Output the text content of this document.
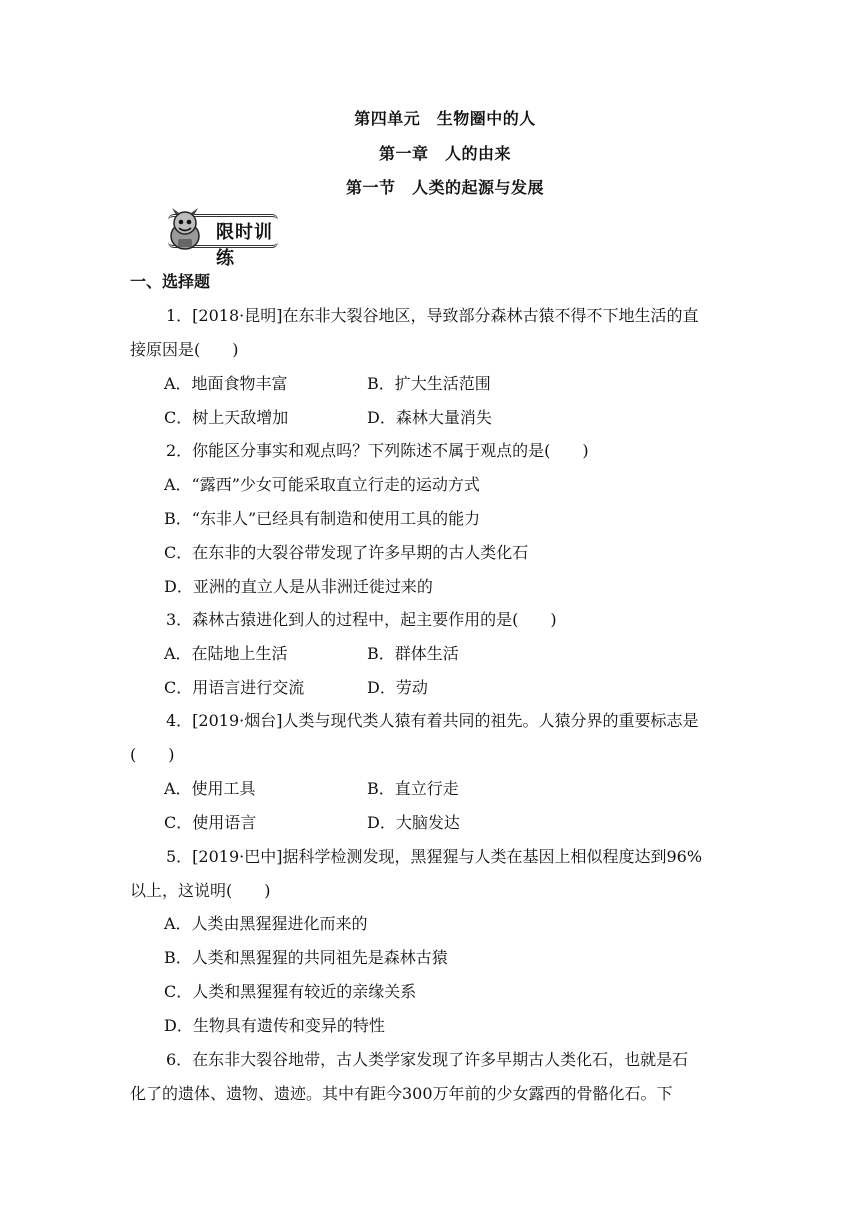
第四单元　生物圈中的人
第一章　人的由来
第一节　人类的起源与发展
限时训练
一、选择题
1．[2018·昆明]在东非大裂谷地区，导致部分森林古猿不得不下地生活的直
接原因是(　　)
A．地面食物丰富	B．扩大生活范围
C．树上天敌增加	D．森林大量消失
2．你能区分事实和观点吗？下列陈述不属于观点的是(　　)
A．“露西”少女可能采取直立行走的运动方式
B．“东非人”已经具有制造和使用工具的能力
C．在东非的大裂谷带发现了许多早期的古人类化石
D．亚洲的直立人是从非洲迁徙过来的
3．森林古猿进化到人的过程中，起主要作用的是(　　)
A．在陆地上生活	B．群体生活
C．用语言进行交流	D．劳动
4．[2019·烟台]人类与现代类人猿有着共同的祖先。人猿分界的重要标志是
(　　)
A．使用工具	B．直立行走
C．使用语言	D．大脑发达
5．[2019·巴中]据科学检测发现，黑猩猩与人类在基因上相似程度达到96%
以上，这说明(　　)
A．人类由黑猩猩进化而来的
B．人类和黑猩猩的共同祖先是森林古猿
C．人类和黑猩猩有较近的亲缘关系
D．生物具有遗传和变异的特性
6．在东非大裂谷地带，古人类学家发现了许多早期古人类化石，也就是石
化了的遗体、遗物、遗迹。其中有距今300万年前的少女露西的骨骼化石。下
